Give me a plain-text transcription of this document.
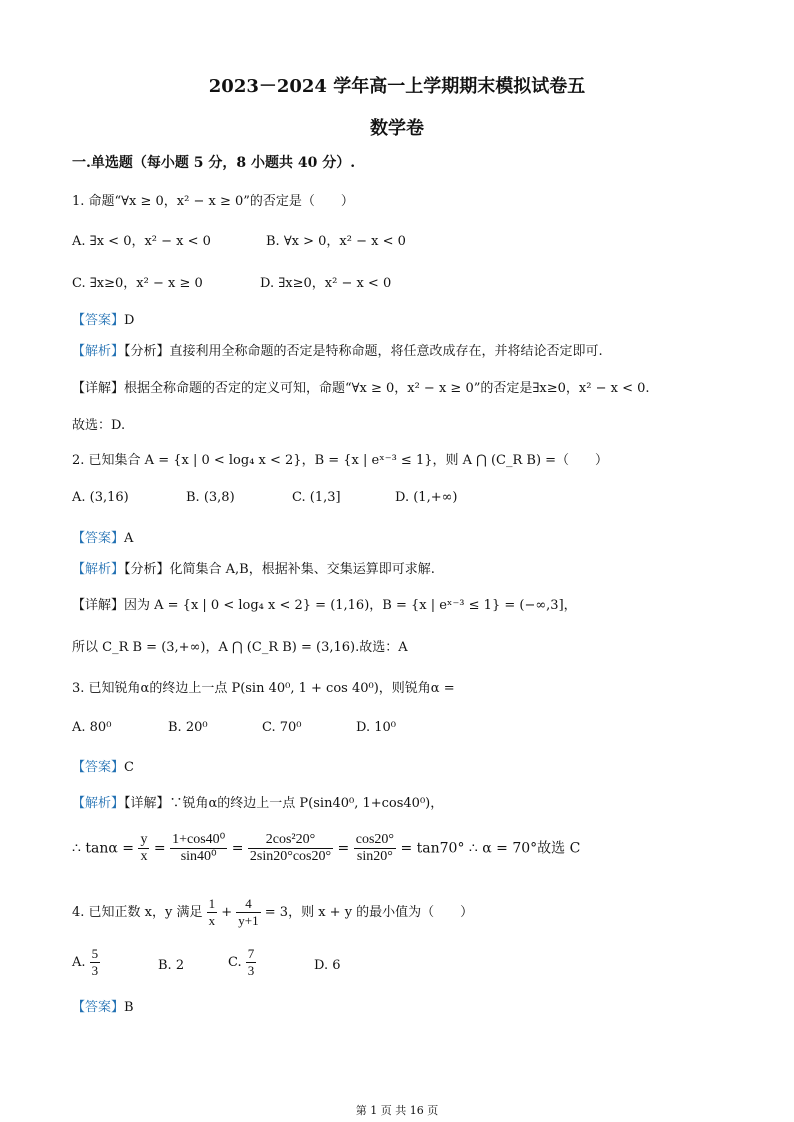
2023－2024 学年高一上学期期末模拟试卷五
数学卷
一.单选题（每小题 5 分，8 小题共 40 分）.
1. 命题“∀x ≥ 0，x² − x ≥ 0”的否定是（　　）
A. ∃x < 0，x² − x < 0	B. ∀x > 0，x² − x < 0
C. ∃x≥0，x² − x ≥ 0	D. ∃x≥0，x² − x < 0
【答案】D
【解析】【分析】直接利用全称命题的否定是特称命题，将任意改成存在，并将结论否定即可.
【详解】根据全称命题的否定的定义可知，命题“∀x ≥ 0，x² − x ≥ 0”的否定是∃x≥0，x² − x < 0.
故选：D.
2. 已知集合 A = {x | 0 < log₄ x < 2}，B = {x | eˣ⁻³ ≤ 1}，则 A ⋂ (C_R B) =（　　）
A. (3,16)	B. (3,8)	C. (1,3]	D. (1,+∞)
【答案】A
【解析】【分析】化简集合 A,B，根据补集、交集运算即可求解.
【详解】因为 A = {x | 0 < log₄ x < 2} = (1,16)，B = {x | eˣ⁻³ ≤ 1} = (−∞,3]，
所以 C_R B = (3,+∞)，A ⋂ (C_R B) = (3,16).故选：A
3. 已知锐角α的终边上一点 P(sin 40⁰, 1 + cos 40⁰)，则锐角α =
A. 80⁰	B. 20⁰	C. 70⁰	D. 10⁰
【答案】C
【解析】【详解】∵锐角α的终边上一点 P(sin40⁰, 1+cos40⁰)，
∴ $\tan\alpha = \frac{y}{x} = \frac{\text{1+cos40⁰}}{\text{sin40⁰}} = \frac{\text{2cos²20°}}{2\sin 20^\circ\cos 20^\circ} = \frac{\cos 20^\circ}{\sin 20^\circ} = \tan 70^\circ$ ∴ α = 70°故选 C
4. 已知正数 x，y 满足 $\frac{1}{x} + \frac{4}{y+1} = 3$，则 x + y 的最小值为（　　）
A. $\frac{5}{3}$	B. 2	C. $\frac{7}{3}$	D. 6
【答案】B
第 1 页 共 16 页
